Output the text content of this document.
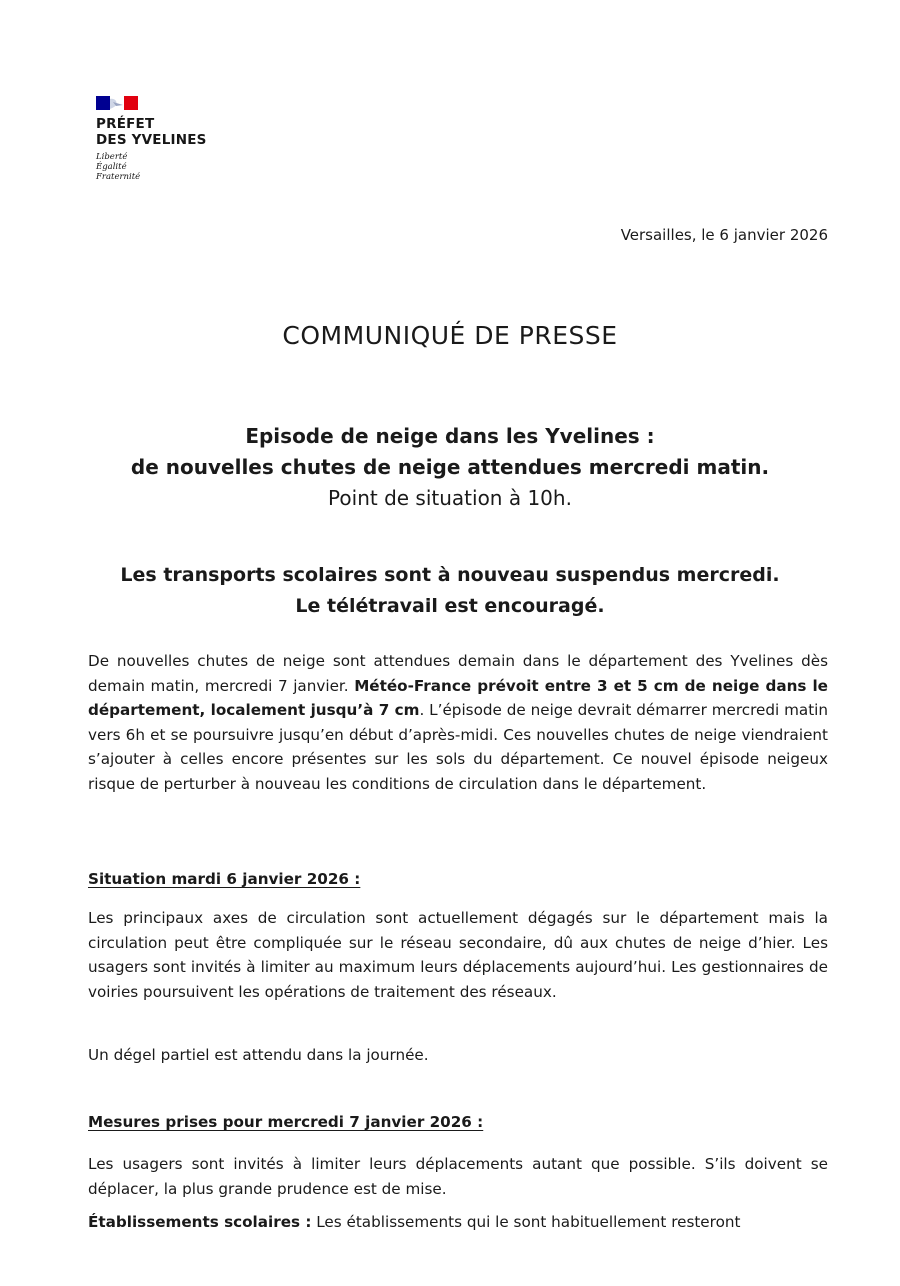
PRÉFET
DES YVELINES
Liberté
Égalité
Fraternité
Versailles, le 6 janvier 2026
COMMUNIQUÉ DE PRESSE
Episode de neige dans les Yvelines :
de nouvelles chutes de neige attendues mercredi matin.
Point de situation à 10h.
Les transports scolaires sont à nouveau suspendus mercredi.
Le télétravail est encouragé.

De nouvelles chutes de neige sont attendues demain dans le département des Yvelines dès demain matin, mercredi 7 janvier. Météo-France prévoit entre 3 et 5 cm de neige dans le département, localement jusqu’à 7 cm. L’épisode de neige devrait démarrer mercredi matin vers 6h et se poursuivre jusqu’en début d’après-midi. Ces nouvelles chutes de neige viendraient s’ajouter à celles encore présentes sur les sols du département. Ce nouvel épisode neigeux risque de perturber à nouveau les conditions de circulation dans le département.

Situation mardi 6 janvier 2026 :

Les principaux axes de circulation sont actuellement dégagés sur le département mais la circulation peut être compliquée sur le réseau secondaire, dû aux chutes de neige d’hier. Les usagers sont invités à limiter au maximum leurs déplacements aujourd’hui. Les gestionnaires de voiries poursuivent les opérations de traitement des réseaux.

Un dégel partiel est attendu dans la journée.

Mesures prises pour mercredi 7 janvier 2026 :

Les usagers sont invités à limiter leurs déplacements autant que possible. S’ils doivent se déplacer, la plus grande prudence est de mise.

Établissements scolaires : Les établissements qui le sont habituellement resteront
